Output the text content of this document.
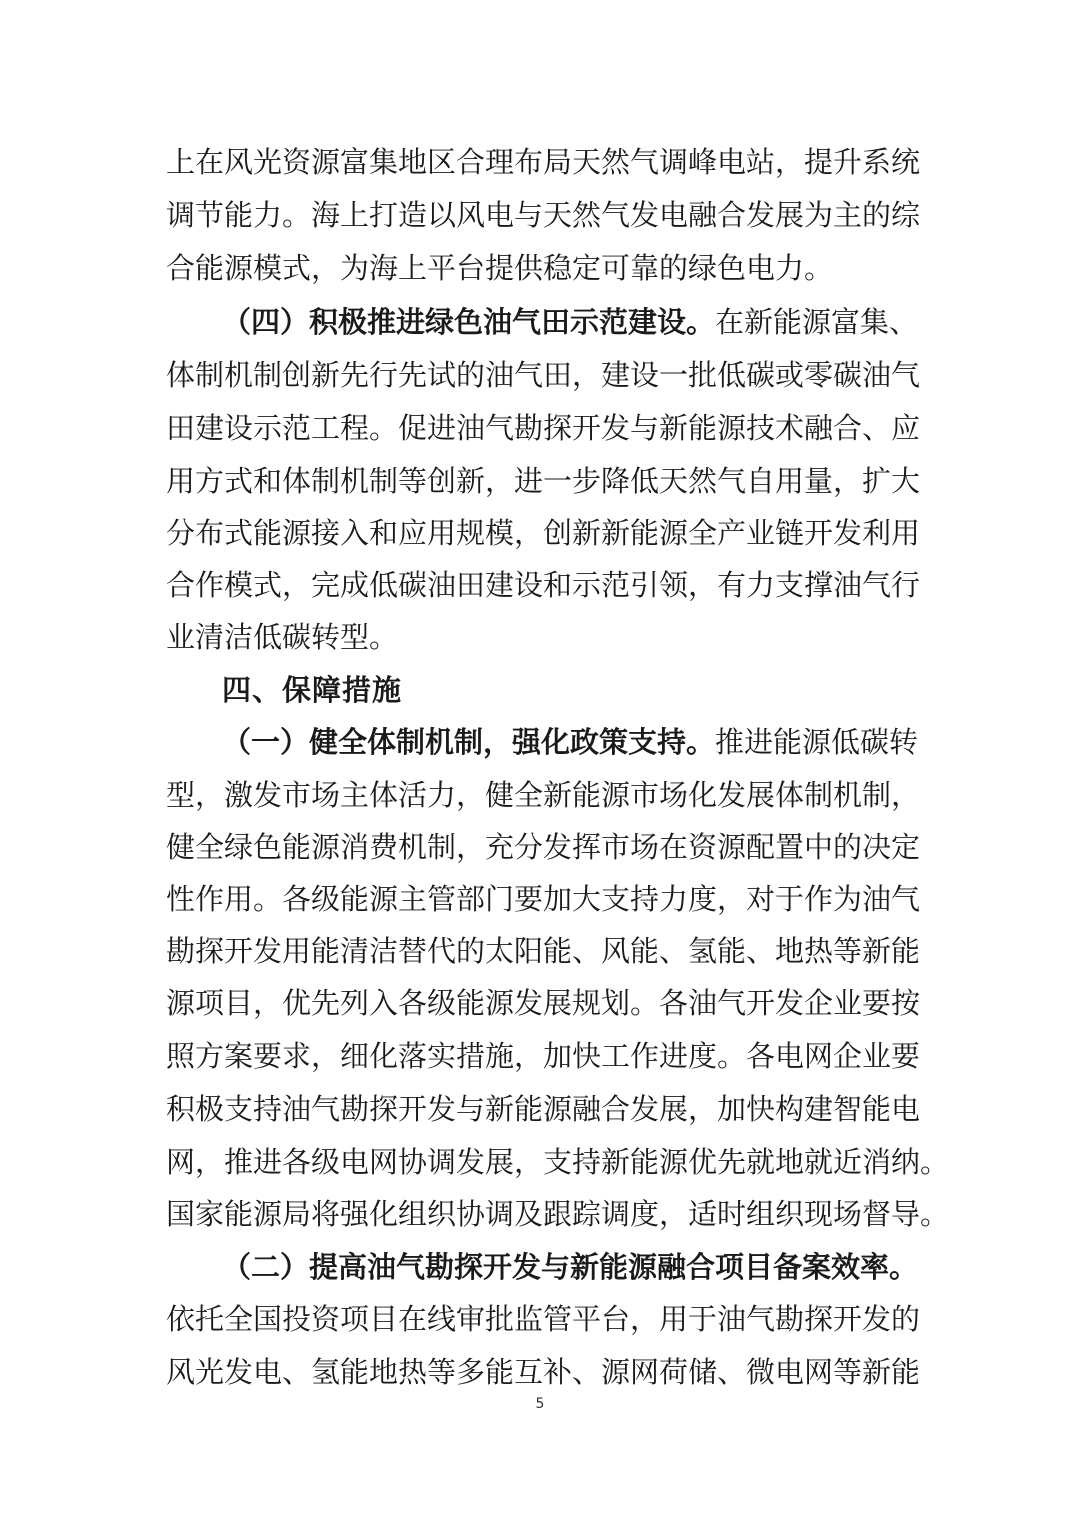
上在风光资源富集地区合理布局天然气调峰电站，提升系统
调节能力。海上打造以风电与天然气发电融合发展为主的综
合能源模式，为海上平台提供稳定可靠的绿色电力。
（四）积极推进绿色油气田示范建设。在新能源富集、
体制机制创新先行先试的油气田，建设一批低碳或零碳油气
田建设示范工程。促进油气勘探开发与新能源技术融合、应
用方式和体制机制等创新，进一步降低天然气自用量，扩大
分布式能源接入和应用规模，创新新能源全产业链开发利用
合作模式，完成低碳油田建设和示范引领，有力支撑油气行
业清洁低碳转型。
四、保障措施
（一）健全体制机制，强化政策支持。推进能源低碳转
型，激发市场主体活力，健全新能源市场化发展体制机制，
健全绿色能源消费机制，充分发挥市场在资源配置中的决定
性作用。各级能源主管部门要加大支持力度，对于作为油气
勘探开发用能清洁替代的太阳能、风能、氢能、地热等新能
源项目，优先列入各级能源发展规划。各油气开发企业要按
照方案要求，细化落实措施，加快工作进度。各电网企业要
积极支持油气勘探开发与新能源融合发展，加快构建智能电
网，推进各级电网协调发展，支持新能源优先就地就近消纳。
国家能源局将强化组织协调及跟踪调度，适时组织现场督导。
（二）提高油气勘探开发与新能源融合项目备案效率。
依托全国投资项目在线审批监管平台，用于油气勘探开发的
风光发电、氢能地热等多能互补、源网荷储、微电网等新能
5
